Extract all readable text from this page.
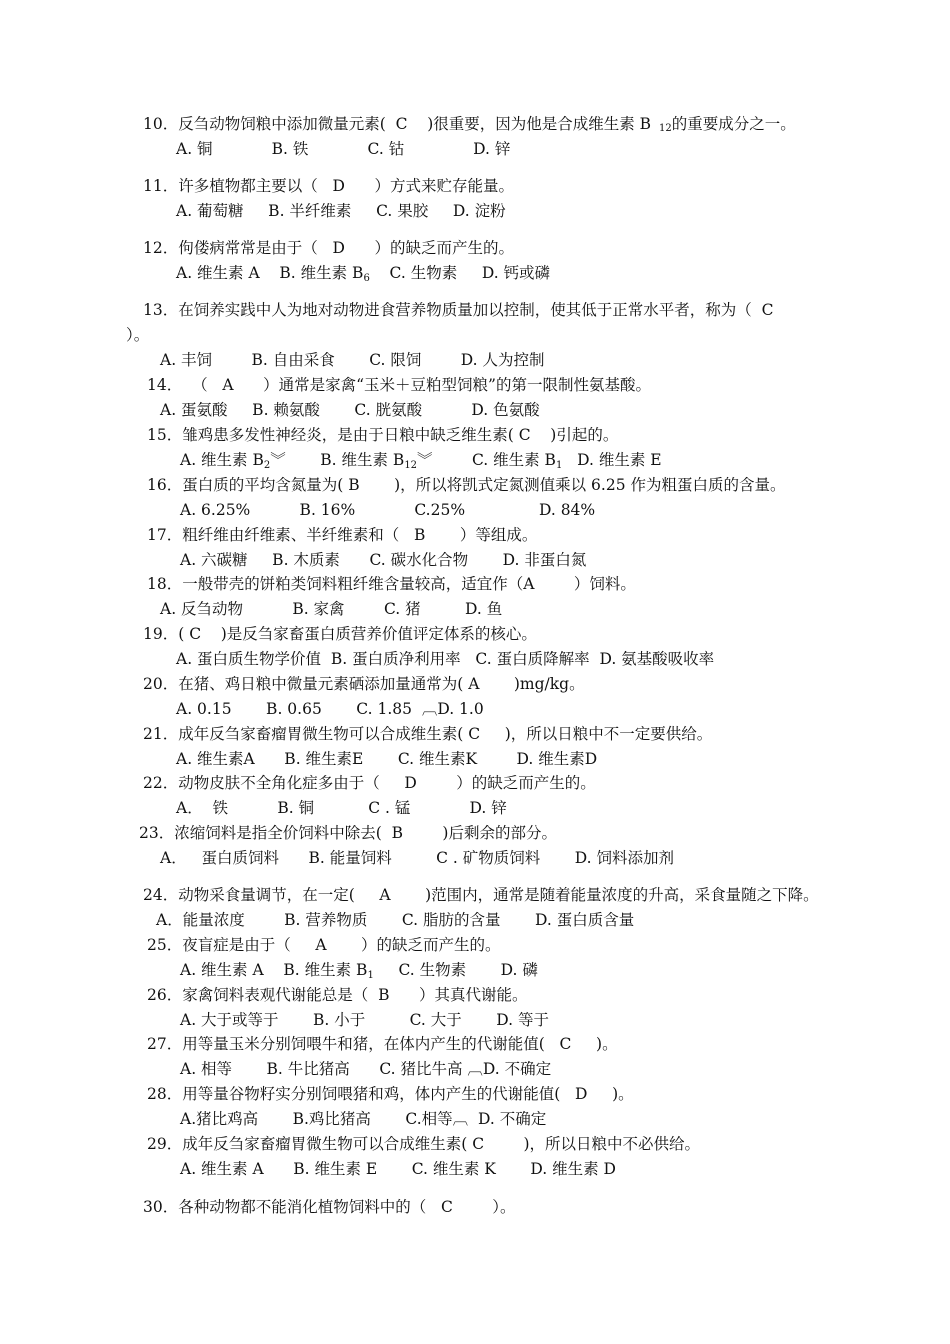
10．反刍动物饲粮中添加微量元素(  C    )很重要，因为他是合成维生素 B 12的重要成分之一。
A. 铜            B. 铁            C. 钴              D. 锌
11．许多植物都主要以（   D      ）方式来贮存能量。
A. 葡萄糖     B. 半纤维素     C. 果胶     D. 淀粉
12．佝偻病常常是由于（   D      ）的缺乏而产生的。
A. 维生素 A    B. 维生素 $B_6$    C. 生物素     D. 钙或磷
13．在饲养实践中人为地对动物进食营养物质量加以控制，使其低于正常水平者，称为（  C
）。
A. 丰饲        B. 自由采食       C. 限饲        D. 人为控制
14．  （   A      ）通常是家禽“玉米＋豆粕型饲粮”的第一限制性氨基酸。
A. 蛋氨酸     B. 赖氨酸       C. 胱氨酸          D. 色氨酸
15．雏鸡患多发性神经炎，是由于日粮中缺乏维生素( C    )引起的。
A. 维生素 $B_2︾$       B. 维生素 $B_{12}︾$        C. 维生素 $B_1$   D. 维生素 E
16．蛋白质的平均含氮量为( B       )，所以将凯式定氮测值乘以 6.25 作为粗蛋白质的含量。
A. 6.25%          B. 16%            C.25%               D. 84%
17．粗纤维由纤维素、半纤维素和（   B       ）等组成。
A. 六碳糖     B. 木质素      C. 碳水化合物       D. 非蛋白氮
18．一般带壳的饼粕类饲料粗纤维含量较高，适宜作（A        ）饲料。
A. 反刍动物          B. 家禽        C. 猪         D. 鱼
19．( C    )是反刍家畜蛋白质营养价值评定体系的核心。
A. 蛋白质生物学价值  B. 蛋白质净利用率   C. 蛋白质降解率  D. 氨基酸吸收率
20．在猪、鸡日粮中微量元素硒添加量通常为( A       )mg/kg。
A. 0.15       B. 0.65       C. 1.85  ︹D. 1.0
21．成年反刍家畜瘤胃微生物可以合成维生素( C     )，所以日粮中不一定要供给。
A. 维生素A      B. 维生素E       C. 维生素K        D. 维生素D
22．动物皮肤不全角化症多由于（     D        ）的缺乏而产生的。
A．  铁          B. 铜           C . 锰            D. 锌
23．浓缩饲料是指全价饲料中除去(  B        )后剩余的部分。
A．   蛋白质饲料      B. 能量饲料         C . 矿物质饲料       D. 饲料添加剂
24．动物采食量调节，在一定(     A       )范围内，通常是随着能量浓度的升高，采食量随之下降。
A．能量浓度        B. 营养物质       C. 脂肪的含量       D. 蛋白质含量
25．夜盲症是由于（     A       ）的缺乏而产生的。
A. 维生素 A    B. 维生素 $B_1$     C. 生物素       D. 磷
26．家禽饲料表观代谢能总是（  B      ）其真代谢能。
A. 大于或等于       B. 小于         C. 大于       D. 等于
27．用等量玉米分别饲喂牛和猪，在体内产生的代谢能值(   C     )。
A. 相等       B. 牛比猪高      C. 猪比牛高 ︹D. 不确定
28．用等量谷物籽实分别饲喂猪和鸡，体内产生的代谢能值(   D     )。
A.猪比鸡高       B.鸡比猪高       C.相等︹  D. 不确定
29．成年反刍家畜瘤胃微生物可以合成维生素( C        )，所以日粮中不必供给。
A. 维生素 A      B. 维生素 E       C. 维生素 K       D. 维生素 D
30．各种动物都不能消化植物饲料中的（   C        ）。
